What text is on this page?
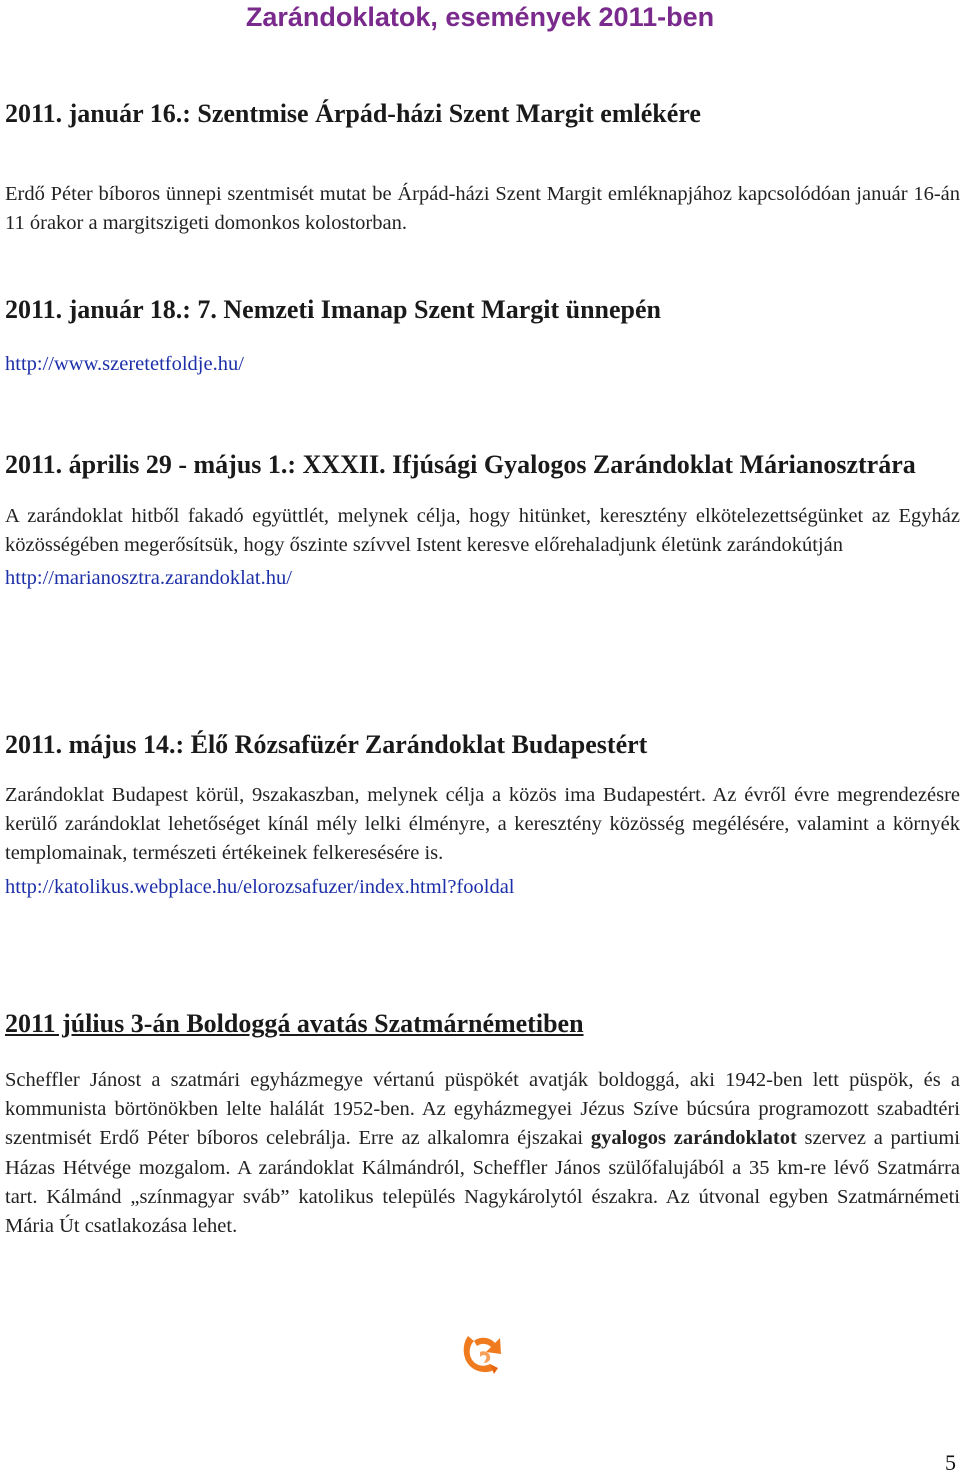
Zarándoklatok, események 2011-ben
2011. január 16.: Szentmise Árpád-házi Szent Margit emlékére

Erdő Péter bíboros ünnepi szentmisét mutat be Árpád-házi Szent Margit emléknapjához kapcsolódóan január 16-án 11 órakor a margitszigeti domonkos kolostorban.

2011. január 18.: 7. Nemzeti Imanap Szent Margit ünnepén
http://www.szeretetfoldje.hu/
2011. április 29 - május 1.: XXXII. Ifjúsági Gyalogos Zarándoklat Márianosztrára

A zarándoklat hitből fakadó együttlét, melynek célja, hogy hitünket, keresztény elkötelezettségünket az Egyház közösségében megerősítsük, hogy őszinte szívvel Istent keresve előrehaladjunk életünk zarándokútján

http://marianosztra.zarandoklat.hu/
2011. május 14.: Élő Rózsafüzér Zarándoklat Budapestért

Zarándoklat Budapest körül, 9szakaszban, melynek célja a közös ima Budapestért. Az évről évre megrendezésre kerülő zarándoklat lehetőséget kínál mély lelki élményre, a keresztény közösség megélésére, valamint a környék templomainak, természeti értékeinek felkeresésére is.

http://katolikus.webplace.hu/elorozsafuzer/index.html?fooldal
2011 július 3-án Boldoggá avatás Szatmárnémetiben

Scheffler Jánost a szatmári egyházmegye vértanú püspökét avatják boldoggá, aki 1942-ben lett püspök, és a kommunista börtönökben lelte halálát 1952-ben. Az egyházmegyei Jézus Szíve búcsúra programozott szabadtéri szentmisét Erdő Péter bíboros celebrálja. Erre az alkalomra éjszakai gyalogos zarándoklatot szervez a partiumi Házas Hétvége mozgalom. A zarándoklat Kálmándról, Scheffler János szülőfalujából a 35 km-re lévő Szatmárra tart. Kálmánd „színmagyar sváb” katolikus település Nagykárolytól északra. Az útvonal egyben Szatmárnémeti Mária Út csatlakozása lehet.

5
